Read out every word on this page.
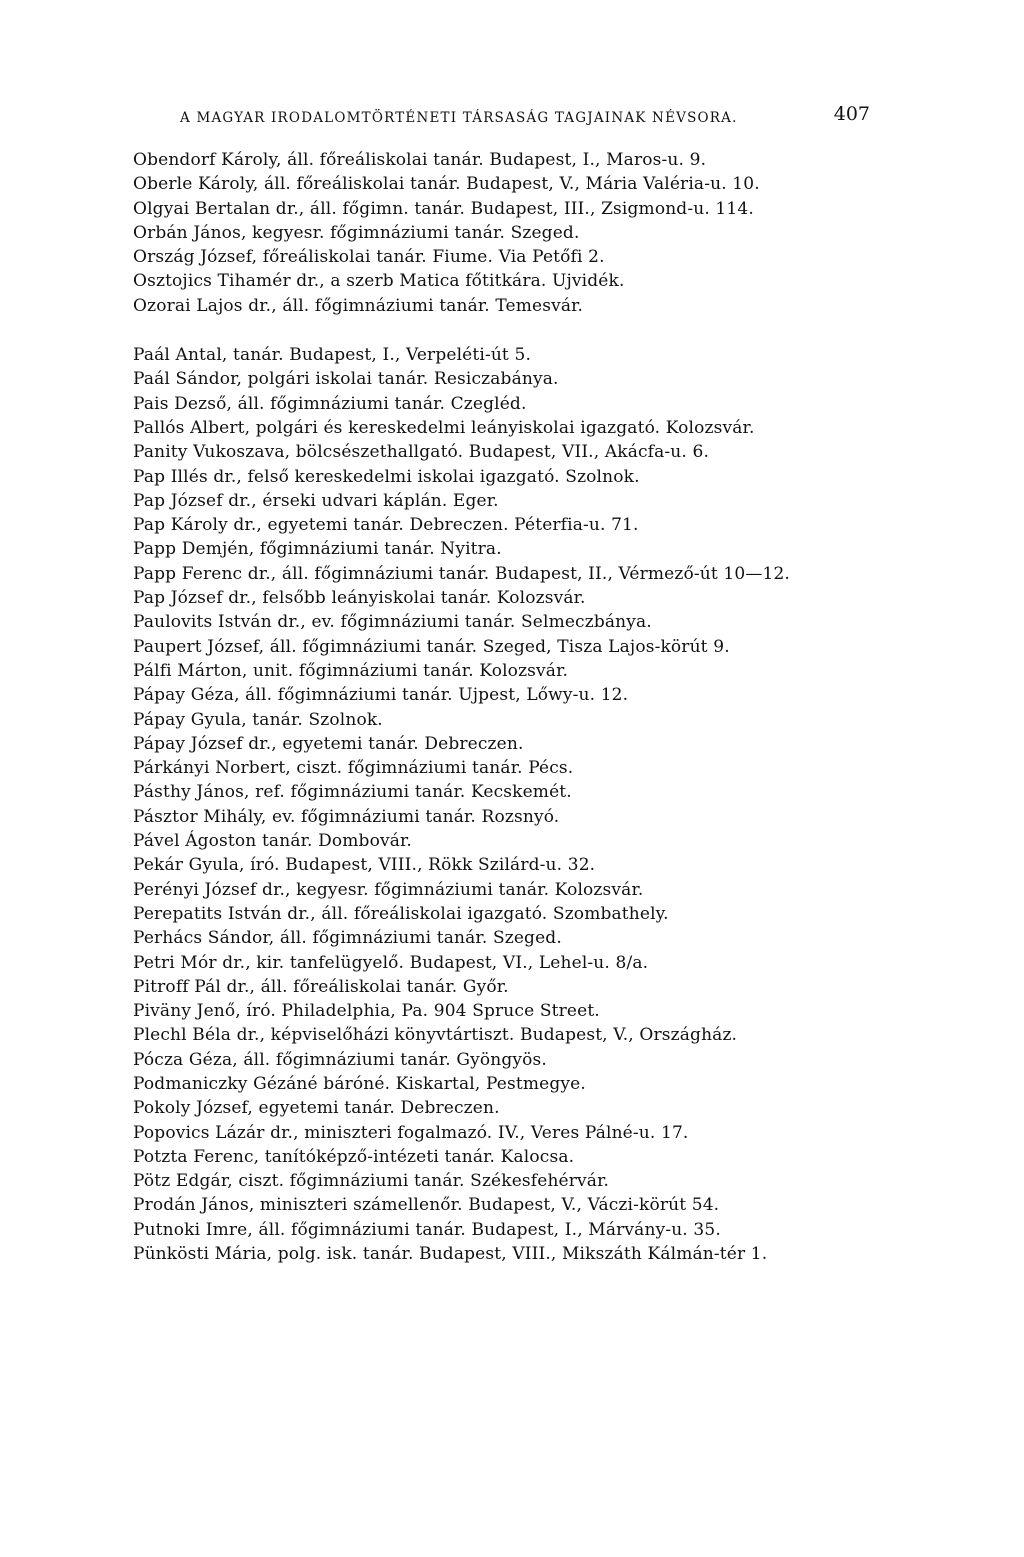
A MAGYAR IRODALOMTÖRTÉNETI TÁRSASÁG TAGJAINAK NÉVSORA.	407
Obendorf Károly, áll. főreáliskolai tanár. Budapest, I., Maros-u. 9.
Oberle Károly, áll. főreáliskolai tanár. Budapest, V., Mária Valéria-u. 10.
Olgyai Bertalan dr., áll. főgimn. tanár. Budapest, III., Zsigmond-u. 114.
Orbán János, kegyesr. főgimnáziumi tanár. Szeged.
Ország József, főreáliskolai tanár. Fiume. Via Petőfi 2.
Osztojics Tihamér dr., a szerb Matica főtitkára. Ujvidék.
Ozorai Lajos dr., áll. főgimnáziumi tanár. Temesvár.
Paál Antal, tanár. Budapest, I., Verpeléti-út 5.
Paál Sándor, polgári iskolai tanár. Resiczabánya.
Pais Dezső, áll. főgimnáziumi tanár. Czegléd.
Pallós Albert, polgári és kereskedelmi leányiskolai igazgató. Kolozsvár.
Panity Vukoszava, bölcsészethallgató. Budapest, VII., Akácfa-u. 6.
Pap Illés dr., felső kereskedelmi iskolai igazgató. Szolnok.
Pap József dr., érseki udvari káplán. Eger.
Pap Károly dr., egyetemi tanár. Debreczen. Péterfia-u. 71.
Papp Demjén, főgimnáziumi tanár. Nyitra.
Papp Ferenc dr., áll. főgimnáziumi tanár. Budapest, II., Vérmező-út 10—12.
Pap József dr., felsőbb leányiskolai tanár. Kolozsvár.
Paulovits István dr., ev. főgimnáziumi tanár. Selmeczbánya.
Paupert József, áll. főgimnáziumi tanár. Szeged, Tisza Lajos-körút 9.
Pálfi Márton, unit. főgimnáziumi tanár. Kolozsvár.
Pápay Géza, áll. főgimnáziumi tanár. Ujpest, Lőwy-u. 12.
Pápay Gyula, tanár. Szolnok.
Pápay József dr., egyetemi tanár. Debreczen.
Párkányi Norbert, ciszt. főgimnáziumi tanár. Pécs.
Pásthy János, ref. főgimnáziumi tanár. Kecskemét.
Pásztor Mihály, ev. főgimnáziumi tanár. Rozsnyó.
Pável Ágoston tanár. Dombovár.
Pekár Gyula, író. Budapest, VIII., Rökk Szilárd-u. 32.
Perényi József dr., kegyesr. főgimnáziumi tanár. Kolozsvár.
Perepatits István dr., áll. főreáliskolai igazgató. Szombathely.
Perhács Sándor, áll. főgimnáziumi tanár. Szeged.
Petri Mór dr., kir. tanfelügyelő. Budapest, VI., Lehel-u. 8/a.
Pitroff Pál dr., áll. főreáliskolai tanár. Győr.
Piväny Jenő, író. Philadelphia, Pa. 904 Spruce Street.
Plechl Béla dr., képviselőházi könyvtártiszt. Budapest, V., Országház.
Pócza Géza, áll. főgimnáziumi tanár. Gyöngyös.
Podmaniczky Gézáné báróné. Kiskartal, Pestmegye.
Pokoly József, egyetemi tanár. Debreczen.
Popovics Lázár dr., miniszteri fogalmazó. IV., Veres Pálné-u. 17.
Potzta Ferenc, tanítóképző-intézeti tanár. Kalocsa.
Pötz Edgár, ciszt. főgimnáziumi tanár. Székesfehérvár.
Prodán János, miniszteri számellenőr. Budapest, V., Váczi-körút 54.
Putnoki Imre, áll. főgimnáziumi tanár. Budapest, I., Márvány-u. 35.
Pünkösti Mária, polg. isk. tanár. Budapest, VIII., Mikszáth Kálmán-tér 1.
